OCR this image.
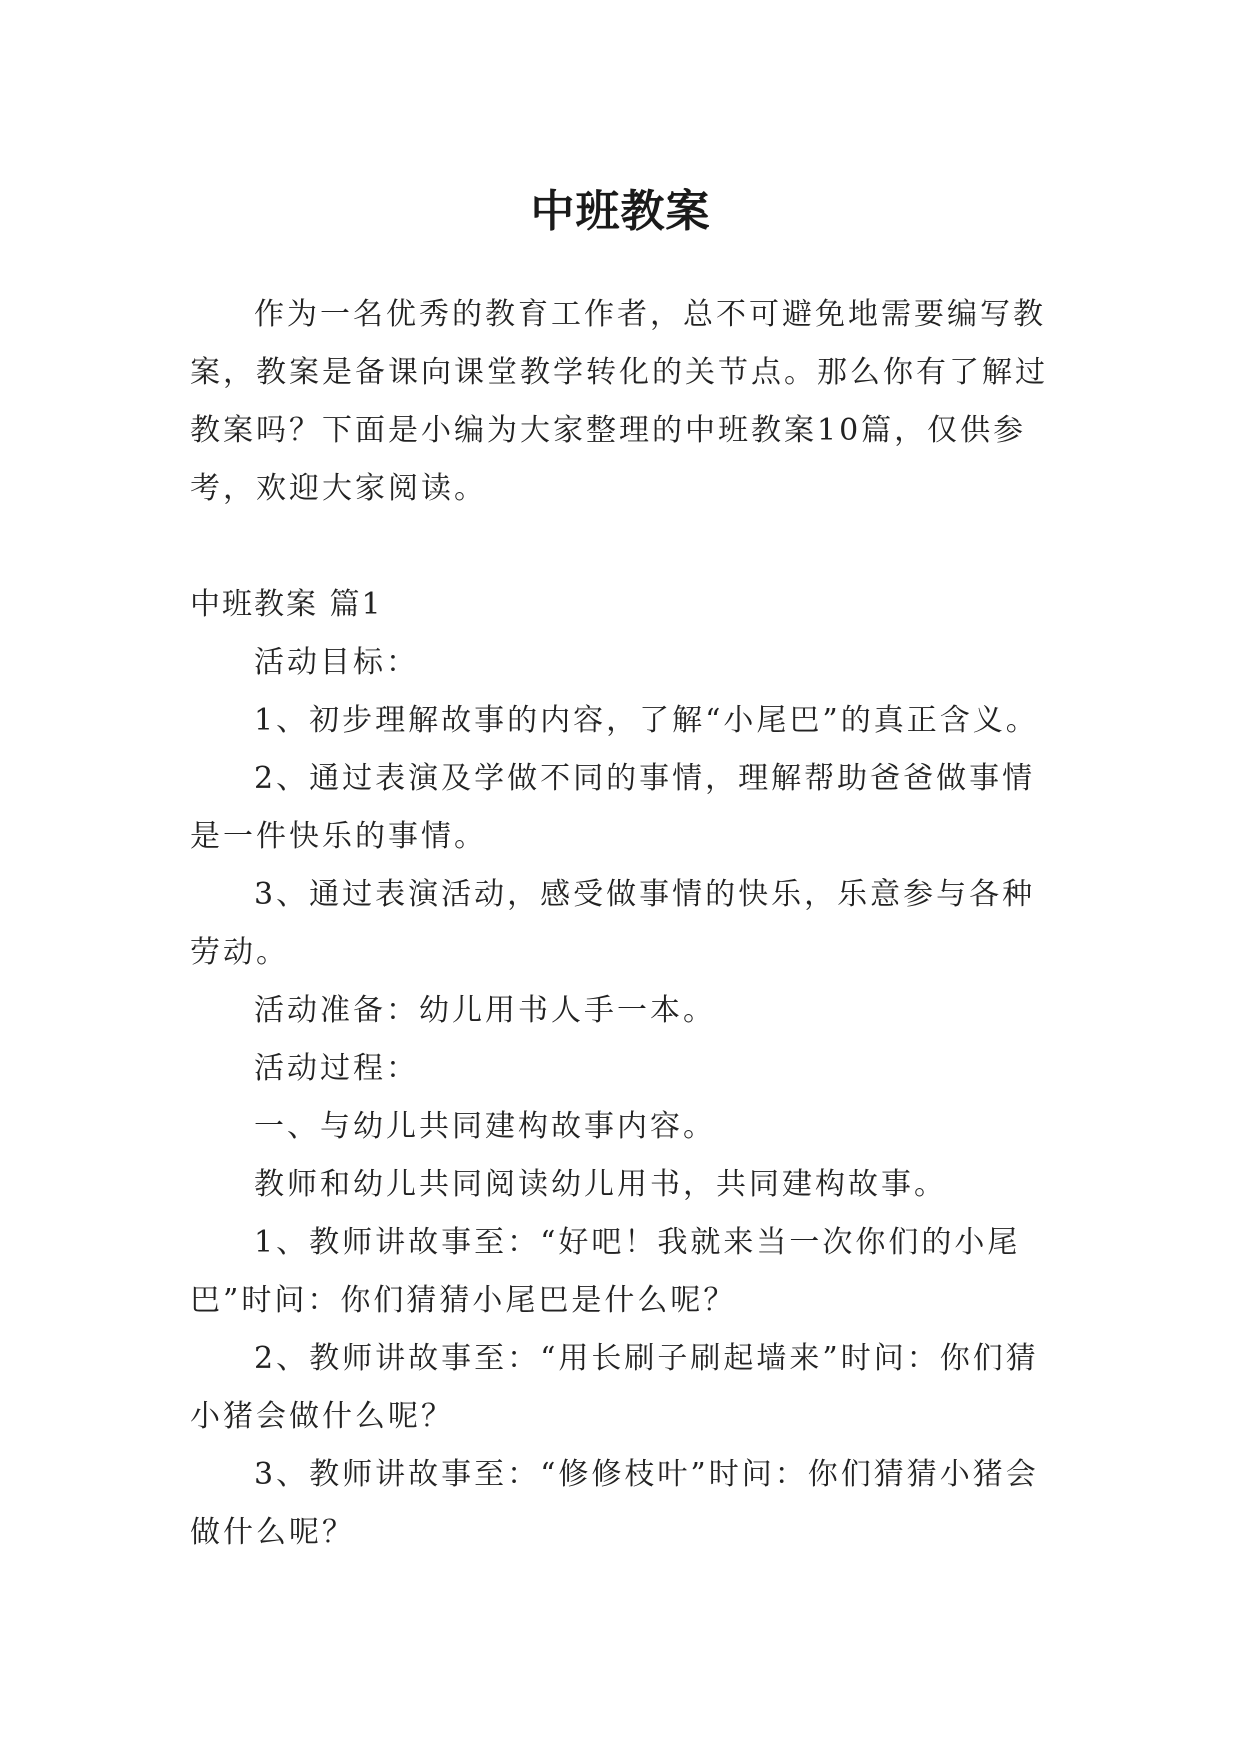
中班教案

作为一名优秀的教育工作者，总不可避免地需要编写教案，教案是备课向课堂教学转化的关节点。那么你有了解过教案吗？下面是小编为大家整理的中班教案10篇，仅供参考，欢迎大家阅读。

中班教案 篇1

活动目标：

1、初步理解故事的内容，了解“小尾巴”的真正含义。

2、通过表演及学做不同的事情，理解帮助爸爸做事情是一件快乐的事情。

3、通过表演活动，感受做事情的快乐，乐意参与各种劳动。

活动准备：幼儿用书人手一本。

活动过程：

一、与幼儿共同建构故事内容。

教师和幼儿共同阅读幼儿用书，共同建构故事。

1、教师讲故事至：“好吧！我就来当一次你们的小尾巴”时问：你们猜猜小尾巴是什么呢？

2、教师讲故事至：“用长刷子刷起墙来”时问：你们猜小猪会做什么呢？

3、教师讲故事至：“修修枝叶”时问：你们猜猜小猪会做什么呢？
